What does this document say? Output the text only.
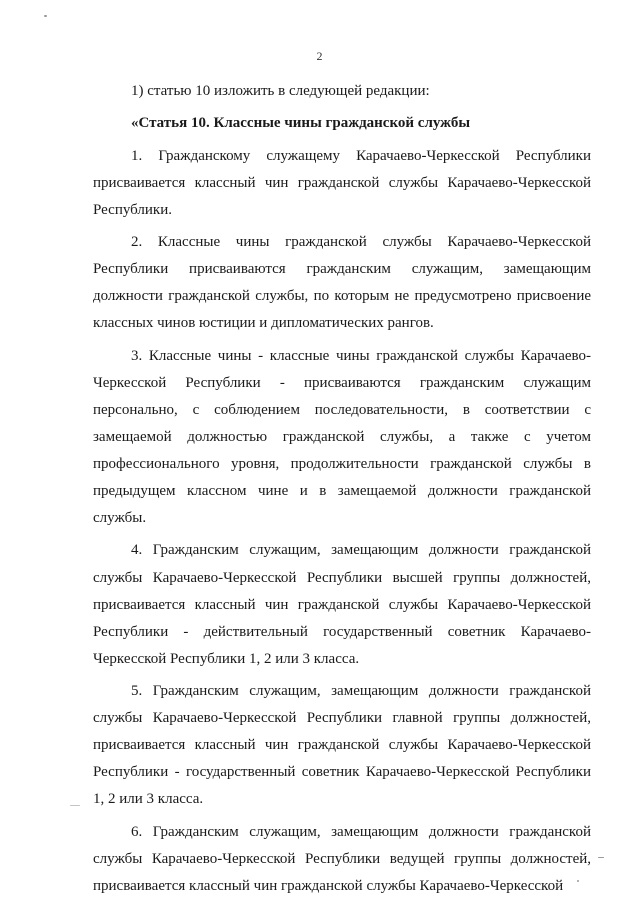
2

1) статью 10 изложить в следующей редакции:

«Статья 10. Классные чины гражданской службы

1. Гражданскому служащему Карачаево-Черкесской Республики присваивается классный чин гражданской службы Карачаево-Черкесской Республики.

2. Классные чины гражданской службы Карачаево-Черкесской Республики присваиваются гражданским служащим, замещающим должности гражданской службы, по которым не предусмотрено присвоение классных чинов юстиции и дипломатических рангов.

3. Классные чины - классные чины гражданской службы Карачаево-Черкесской Республики - присваиваются гражданским служащим персонально, с соблюдением последовательности, в соответствии с замещаемой должностью гражданской службы, а также с учетом профессионального уровня, продолжительности гражданской службы в предыдущем классном чине и в замещаемой должности гражданской службы.

4. Гражданским служащим, замещающим должности гражданской службы Карачаево-Черкесской Республики высшей группы должностей, присваивается классный чин гражданской службы Карачаево-Черкесской Республики - действительный государственный советник Карачаево-Черкесской Республики 1, 2 или 3 класса.

5. Гражданским служащим, замещающим должности гражданской службы Карачаево-Черкесской Республики главной группы должностей, присваивается классный чин гражданской службы Карачаево-Черкесской Республики - государственный советник Карачаево-Черкесской Республики 1, 2 или 3 класса.

6. Гражданским служащим, замещающим должности гражданской службы Карачаево-Черкесской Республики ведущей группы должностей, присваивается классный чин гражданской службы Карачаево-Черкесской
